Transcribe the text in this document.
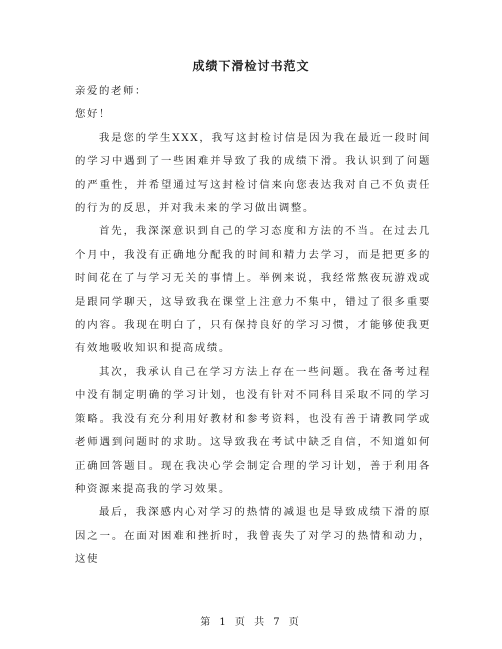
成绩下滑检讨书范文

亲爱的老师：

您好！

我是您的学生XXX，我写这封检讨信是因为我在最近一段时间的学习中遇到了一些困难并导致了我的成绩下滑。我认识到了问题的严重性，并希望通过写这封检讨信来向您表达我对自己不负责任的行为的反思，并对我未来的学习做出调整。

首先，我深深意识到自己的学习态度和方法的不当。在过去几个月中，我没有正确地分配我的时间和精力去学习，而是把更多的时间花在了与学习无关的事情上。举例来说，我经常熬夜玩游戏或是跟同学聊天，这导致我在课堂上注意力不集中，错过了很多重要的内容。我现在明白了，只有保持良好的学习习惯，才能够使我更有效地吸收知识和提高成绩。

其次，我承认自己在学习方法上存在一些问题。我在备考过程中没有制定明确的学习计划，也没有针对不同科目采取不同的学习策略。我没有充分利用好教材和参考资料，也没有善于请教同学或老师遇到问题时的求助。这导致我在考试中缺乏自信，不知道如何正确回答题目。现在我决心学会制定合理的学习计划，善于利用各种资源来提高我的学习效果。

最后，我深感内心对学习的热情的减退也是导致成绩下滑的原因之一。在面对困难和挫折时，我曾丧失了对学习的热情和动力，这使

第 1 页 共 7 页
